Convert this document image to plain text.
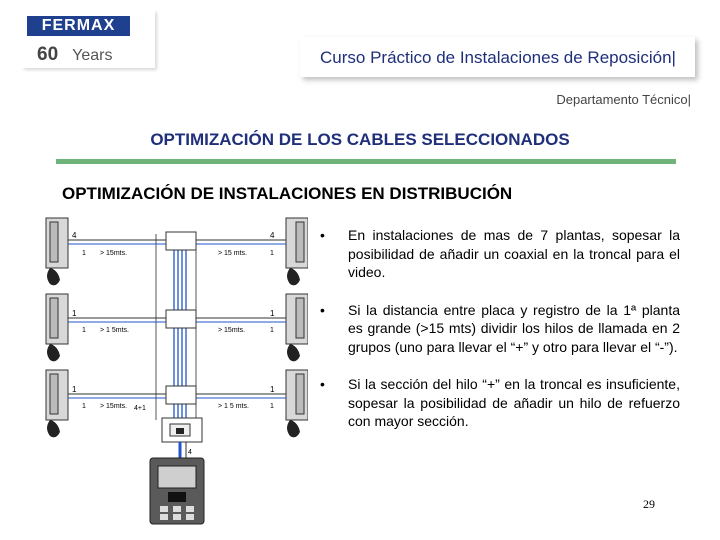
FERMAX
60 Years	Curso Práctico de Instalaciones de Reposición|
Departamento Técnico|
OPTIMIZACIÓN DE LOS CABLES SELECCIONADOS
OPTIMIZACIÓN DE INSTALACIONES EN DISTRIBUCIÓN
4
1 > 15mts.
4
1
> 15 mts.
1
1 > 1 5mts.
1
1
> 15mts.
1
1 > 15mts.
1
1
> 1 5 mts.
4+1
4
• En instalaciones de mas de 7 plantas, sopesar la posibilidad de añadir un coaxial en la troncal para el video.
• Si la distancia entre placa y registro de la 1ª planta es grande (>15 mts) dividir los hilos de llamada en 2 grupos (uno para llevar el “+” y otro para llevar el “-”).
• Si la sección del hilo “+” en la troncal es insuficiente, sopesar la posibilidad de añadir un hilo de refuerzo con mayor sección.
29
